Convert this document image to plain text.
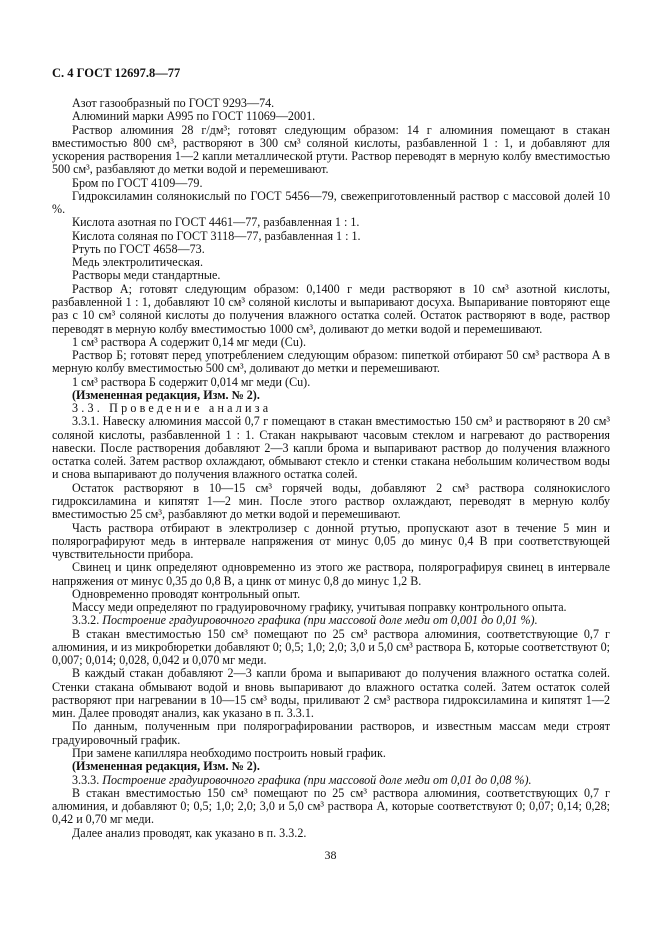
С. 4 ГОСТ 12697.8—77

Азот газообразный по ГОСТ 9293—74.

Алюминий марки А995 по ГОСТ 11069—2001.

Раствор алюминия 28 г/дм³; готовят следующим образом: 14 г алюминия помещают в стакан вместимостью 800 см³, растворяют в 300 см³ соляной кислоты, разбавленной 1 : 1, и добавляют для ускорения растворения 1—2 капли металлической ртути. Раствор переводят в мерную колбу вместимостью 500 см³, разбавляют до метки водой и перемешивают.

Бром по ГОСТ 4109—79.

Гидроксиламин солянокислый по ГОСТ 5456—79, свежеприготовленный раствор с массовой долей 10 %.

Кислота азотная по ГОСТ 4461—77, разбавленная 1 : 1.

Кислота соляная по ГОСТ 3118—77, разбавленная 1 : 1.

Ртуть по ГОСТ 4658—73.

Медь электролитическая.

Растворы меди стандартные.

Раствор А; готовят следующим образом: 0,1400 г меди растворяют в 10 см³ азотной кислоты, разбавленной 1 : 1, добавляют 10 см³ соляной кислоты и выпаривают досуха. Выпаривание повторяют еще раз с 10 см³ соляной кислоты до получения влажного остатка солей. Остаток растворяют в воде, раствор переводят в мерную колбу вместимостью 1000 см³, доливают до метки водой и перемешивают.

1 см³ раствора А содержит 0,14 мг меди (Cu).

Раствор Б; готовят перед употреблением следующим образом: пипеткой отбирают 50 см³ раствора А в мерную колбу вместимостью 500 см³, доливают до метки и перемешивают.

1 см³ раствора Б содержит 0,014 мг меди (Cu).

(Измененная редакция, Изм. № 2).

3.3. Проведение анализа

3.3.1. Навеску алюминия массой 0,7 г помещают в стакан вместимостью 150 см³ и растворяют в 20 см³ соляной кислоты, разбавленной 1 : 1. Стакан накрывают часовым стеклом и нагревают до растворения навески. После растворения добавляют 2—3 капли брома и выпаривают раствор до получения влажного остатка солей. Затем раствор охлаждают, обмывают стекло и стенки стакана небольшим количеством воды и снова выпаривают до получения влажного остатка солей.

Остаток растворяют в 10—15 см³ горячей воды, добавляют 2 см³ раствора солянокислого гидроксиламина и кипятят 1—2 мин. После этого раствор охлаждают, переводят в мерную колбу вместимостью 25 см³, разбавляют до метки водой и перемешивают.

Часть раствора отбирают в электролизер с донной ртутью, пропускают азот в течение 5 мин и полярографируют медь в интервале напряжения от минус 0,05 до минус 0,4 В при соответствующей чувствительности прибора.

Свинец и цинк определяют одновременно из этого же раствора, полярографируя свинец в интервале напряжения от минус 0,35 до 0,8 В, а цинк от минус 0,8 до минус 1,2 В.

Одновременно проводят контрольный опыт.

Массу меди определяют по градуировочному графику, учитывая поправку контрольного опыта.

3.3.2. Построение градуировочного графика (при массовой доле меди от 0,001 до 0,01 %).

В стакан вместимостью 150 см³ помещают по 25 см³ раствора алюминия, соответствующие 0,7 г алюминия, и из микробюретки добавляют 0; 0,5; 1,0; 2,0; 3,0 и 5,0 см³ раствора Б, которые соответствуют 0; 0,007; 0,014; 0,028, 0,042 и 0,070 мг меди.

В каждый стакан добавляют 2—3 капли брома и выпаривают до получения влажного остатка солей. Стенки стакана обмывают водой и вновь выпаривают до влажного остатка солей. Затем остаток солей растворяют при нагревании в 10—15 см³ воды, приливают 2 см³ раствора гидроксиламина и кипятят 1—2 мин. Далее проводят анализ, как указано в п. 3.3.1.

По данным, полученным при полярографировании растворов, и известным массам меди строят градуировочный график.

При замене капилляра необходимо построить новый график.

(Измененная редакция, Изм. № 2).

3.3.3. Построение градуировочного графика (при массовой доле меди от 0,01 до 0,08 %).

В стакан вместимостью 150 см³ помещают по 25 см³ раствора алюминия, соответствующих 0,7 г алюминия, и добавляют 0; 0,5; 1,0; 2,0; 3,0 и 5,0 см³ раствора А, которые соответствуют 0; 0,07; 0,14; 0,28; 0,42 и 0,70 мг меди.

Далее анализ проводят, как указано в п. 3.3.2.

38
